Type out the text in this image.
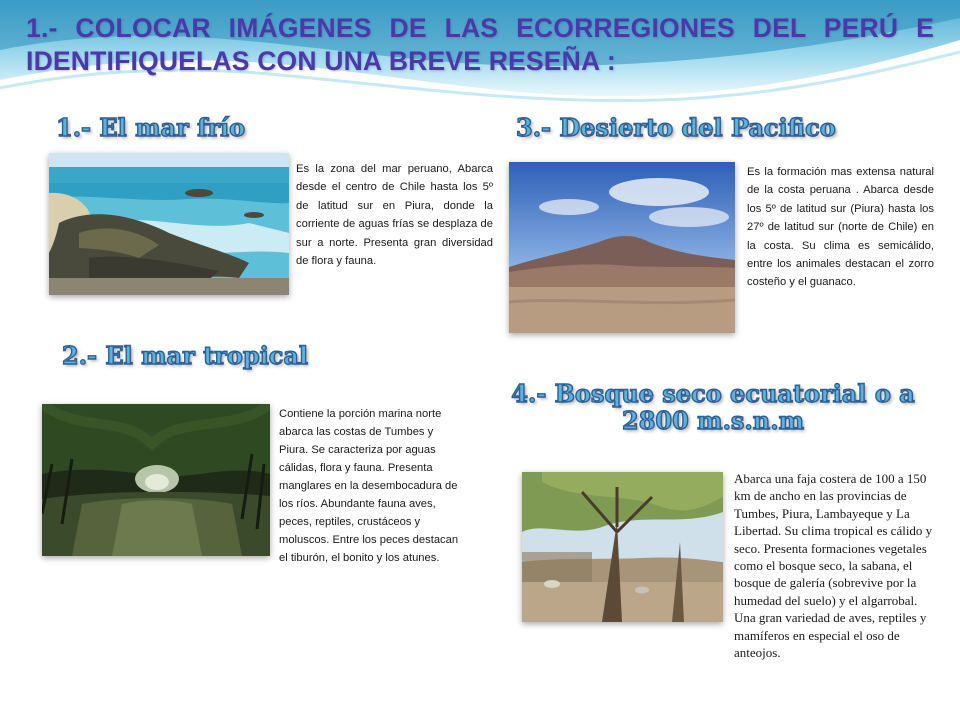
1.- COLOCAR IMÁGENES DE LAS ECORREGIONES DEL PERÚ E IDENTIFIQUELAS CON UNA BREVE RESEÑA :
1.- El mar frío

Es la zona del mar peruano, Abarca desde el centro de Chile hasta los 5º de latitud sur en Piura, donde la corriente de aguas frías se desplaza de sur a norte. Presenta gran diversidad de flora y fauna.

2.- El mar tropical

Contiene la porción marina norte abarca las costas de Tumbes y Piura. Se caracteriza por aguas cálidas, flora y fauna. Presenta manglares en la desembocadura de los ríos. Abundante fauna aves, peces, reptiles, crustáceos y moluscos. Entre los peces destacan el tiburón, el bonito y los atunes.

3.- Desierto del Pacifico

Es la formación mas extensa natural de la costa peruana . Abarca desde los 5º de latitud sur (Piura) hasta los 27º de latitud sur (norte de Chile) en la costa. Su clima es semicálido, entre los animales destacan el zorro costeño y el guanaco.

4.- Bosque seco ecuatorial o a 2800 m.s.n.m

Abarca una faja costera de 100 a 150 km de ancho en las provincias de Tumbes, Piura, Lambayeque y La Libertad. Su clima tropical es cálido y seco. Presenta formaciones vegetales como el bosque seco, la sabana, el bosque de galería (sobrevive por la humedad del suelo) y el algarrobal. Una gran variedad de aves, reptiles y mamíferos en especial el oso de anteojos.
